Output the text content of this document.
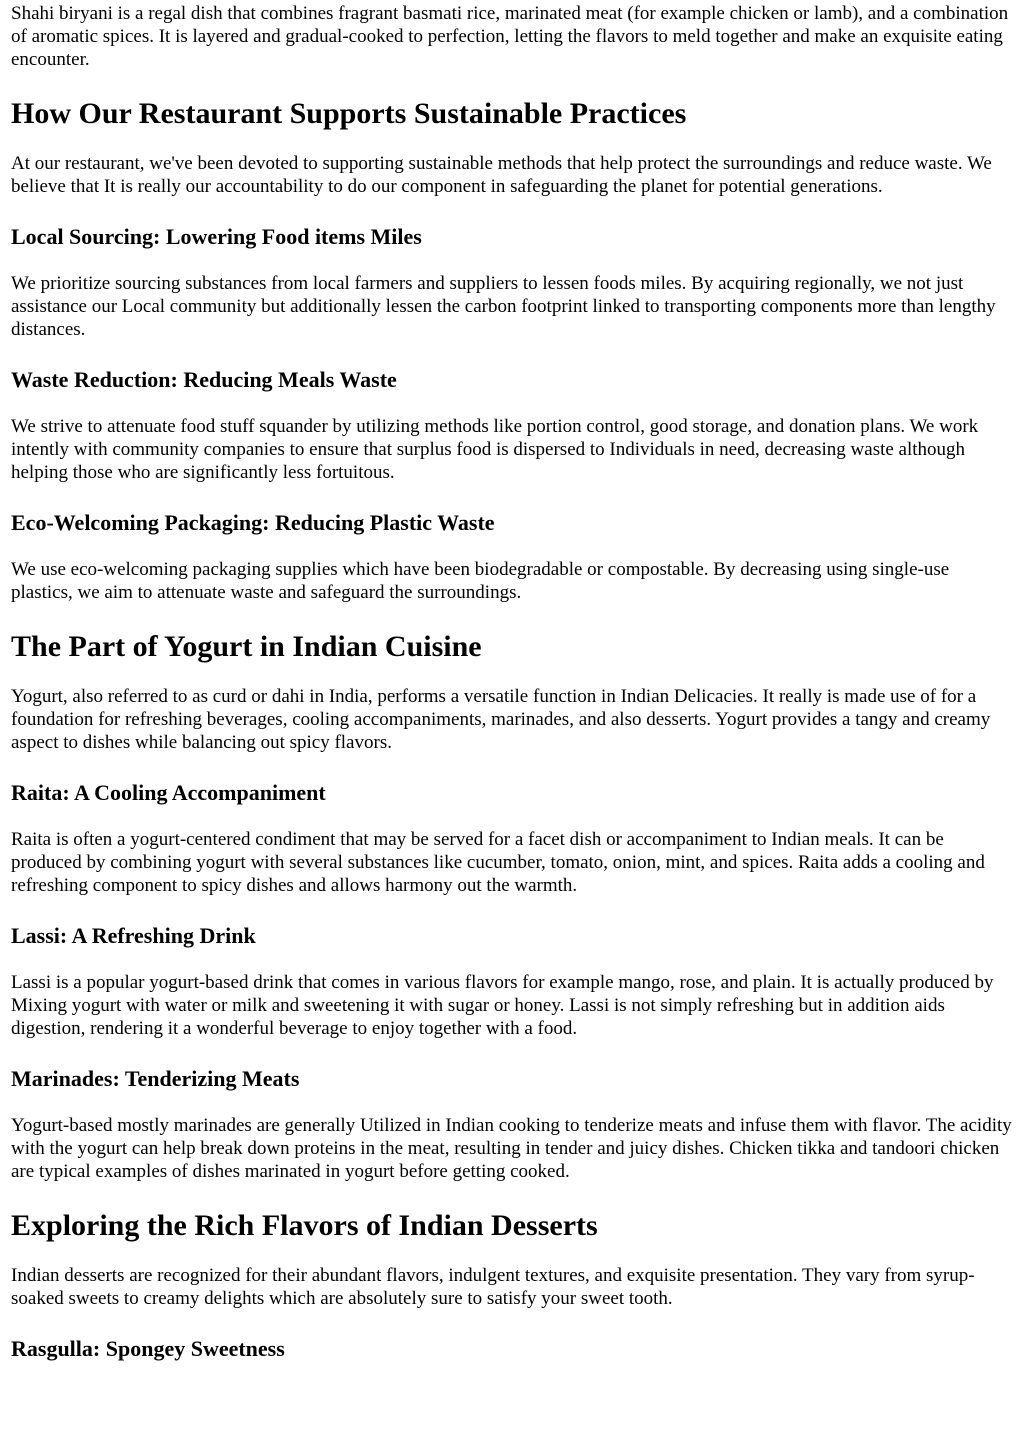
Shahi biryani is a regal dish that combines fragrant basmati rice, marinated meat (for example chicken or lamb), and a combination of aromatic spices. It is layered and gradual-cooked to perfection, letting the flavors to meld together and make an exquisite eating encounter.

How Our Restaurant Supports Sustainable Practices

At our restaurant, we've been devoted to supporting sustainable methods that help protect the surroundings and reduce waste. We believe that It is really our accountability to do our component in safeguarding the planet for potential generations.

Local Sourcing: Lowering Food items Miles

We prioritize sourcing substances from local farmers and suppliers to lessen foods miles. By acquiring regionally, we not just assistance our Local community but additionally lessen the carbon footprint linked to transporting components more than lengthy distances.

Waste Reduction: Reducing Meals Waste

We strive to attenuate food stuff squander by utilizing methods like portion control, good storage, and donation plans. We work intently with community companies to ensure that surplus food is dispersed to Individuals in need, decreasing waste although helping those who are significantly less fortuitous.

Eco-Welcoming Packaging: Reducing Plastic Waste

We use eco-welcoming packaging supplies which have been biodegradable or compostable. By decreasing using single-use plastics, we aim to attenuate waste and safeguard the surroundings.

The Part of Yogurt in Indian Cuisine

Yogurt, also referred to as curd or dahi in India, performs a versatile function in Indian Delicacies. It really is made use of for a foundation for refreshing beverages, cooling accompaniments, marinades, and also desserts. Yogurt provides a tangy and creamy aspect to dishes while balancing out spicy flavors.

Raita: A Cooling Accompaniment

Raita is often a yogurt-centered condiment that may be served for a facet dish or accompaniment to Indian meals. It can be produced by combining yogurt with several substances like cucumber, tomato, onion, mint, and spices. Raita adds a cooling and refreshing component to spicy dishes and allows harmony out the warmth.

Lassi: A Refreshing Drink

Lassi is a popular yogurt-based drink that comes in various flavors for example mango, rose, and plain. It is actually produced by Mixing yogurt with water or milk and sweetening it with sugar or honey. Lassi is not simply refreshing but in addition aids digestion, rendering it a wonderful beverage to enjoy together with a food.

Marinades: Tenderizing Meats

Yogurt-based mostly marinades are generally Utilized in Indian cooking to tenderize meats and infuse them with flavor. The acidity with the yogurt can help break down proteins in the meat, resulting in tender and juicy dishes. Chicken tikka and tandoori chicken are typical examples of dishes marinated in yogurt before getting cooked.

Exploring the Rich Flavors of Indian Desserts

Indian desserts are recognized for their abundant flavors, indulgent textures, and exquisite presentation. They vary from syrup-soaked sweets to creamy delights which are absolutely sure to satisfy your sweet tooth.

Rasgulla: Spongey Sweetness
